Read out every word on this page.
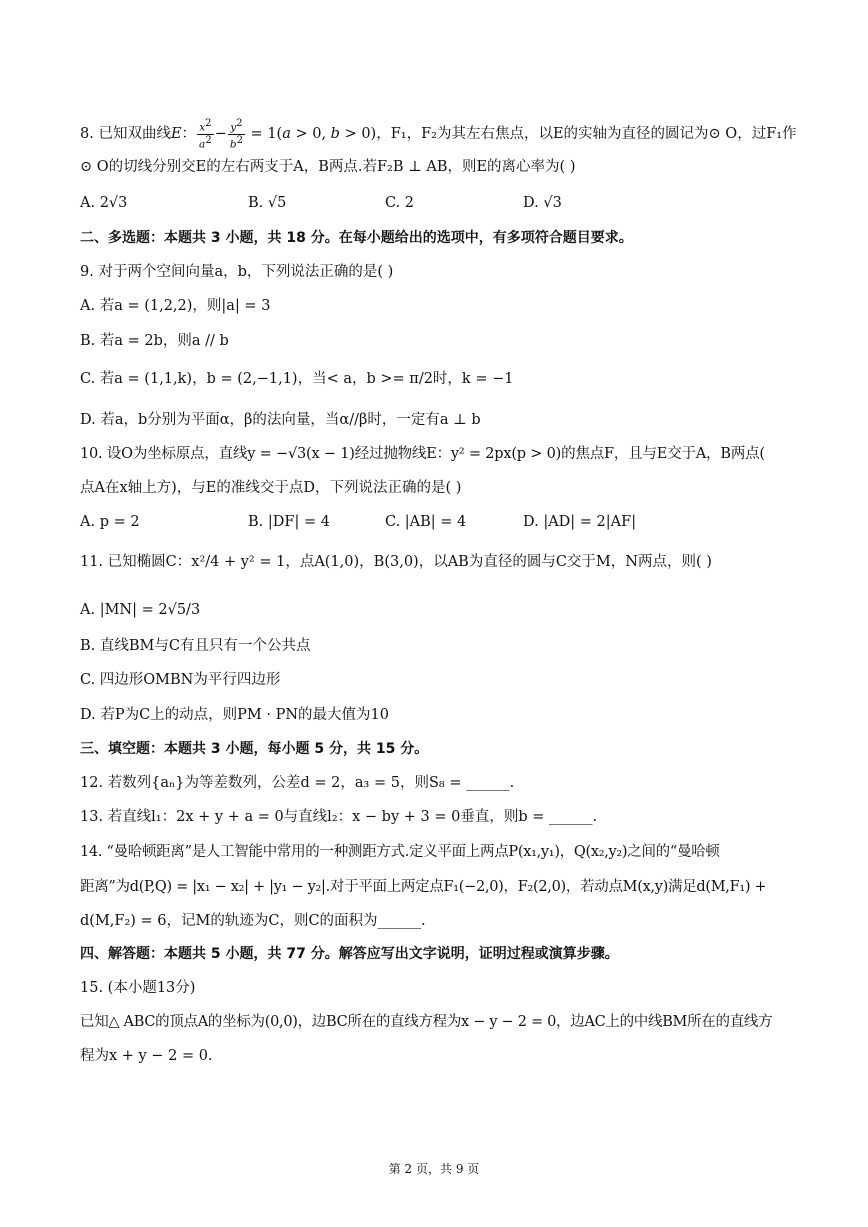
8. 已知双曲线E： $\frac{x^2}{a^2} - \frac{y^2}{b^2} = 1(a > 0$, b > 0)，F₁，F₂为其左右焦点，以E的实轴为直径的圆记为⊙ O，过F₁作
⊙ O的切线分别交E的左右两支于A，B两点.若F₂B ⊥ AB，则E的离心率为( )
A. 2√3	B. √5	C. 2	D. √3
二、多选题：本题共 3 小题，共 18 分。在每小题给出的选项中，有多项符合题目要求。
9. 对于两个空间向量a，b，下列说法正确的是( )
A. 若a = (1,2,2)，则|a| = 3
B. 若a = 2b，则a // b
C. 若a = (1,1,k)，b = (2,−1,1)，当< a，b >= π/2时，k = −1
D. 若a，b分别为平面α，β的法向量，当α//β时，一定有a ⊥ b
10. 设O为坐标原点，直线y = −√3(x − 1)经过抛物线E：y² = 2px(p > 0)的焦点F，且与E交于A，B两点(
点A在x轴上方)，与E的准线交于点D，下列说法正确的是( )
A. p = 2	B. |DF| = 4	C. |AB| = 4	D. |AD| = 2|AF|
11. 已知椭圆C：x²/4 + y² = 1，点A(1,0)，B(3,0)，以AB为直径的圆与C交于M，N两点，则( )
A. |MN| = 2√5/3
B. 直线BM与C有且只有一个公共点
C. 四边形OMBN为平行四边形
D. 若P为C上的动点，则PM · PN的最大值为10
三、填空题：本题共 3 小题，每小题 5 分，共 15 分。
12. 若数列{aₙ}为等差数列，公差d = 2，a₃ = 5，则S₈ = ______.
13. 若直线l₁：2x + y + a = 0与直线l₂：x − by + 3 = 0垂直，则b = ______.
14. “曼哈顿距离”是人工智能中常用的一种测距方式.定义平面上两点P(x₁,y₁)，Q(x₂,y₂)之间的“曼哈顿
距离”为d(P,Q) = |x₁ − x₂| + |y₁ − y₂|.对于平面上两定点F₁(−2,0)，F₂(2,0)，若动点M(x,y)满足d(M,F₁) +
d(M,F₂) = 6，记M的轨迹为C，则C的面积为______.
四、解答题：本题共 5 小题，共 77 分。解答应写出文字说明，证明过程或演算步骤。
15. (本小题13分)
已知△ ABC的顶点A的坐标为(0,0)，边BC所在的直线方程为x − y − 2 = 0，边AC上的中线BM所在的直线方
程为x + y − 2 = 0.
第 2 页，共 9 页
